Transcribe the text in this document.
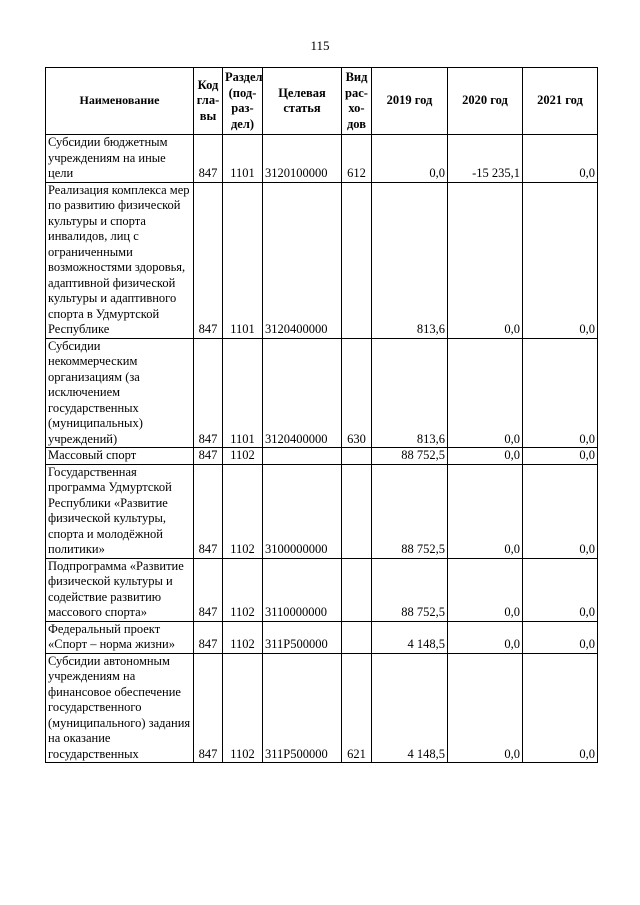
115
Наименование	Код гла-вы	Раздел (под-раз-дел)	Целевая статья	Вид рас-хо-дов	2019 год	2020 год	2021 год
Субсидии бюджетным учреждениям на иные цели	847	1101	3120100000	612	0,0	-15 235,1	0,0
Реализация комплекса мер по развитию физической культуры и спорта инвалидов, лиц с ограниченными возможностями здоровья, адаптивной физической культуры и адаптивного спорта в Удмуртской Республике	847	1101	3120400000		813,6	0,0	0,0
Субсидии некоммерческим организациям (за исключением государственных (муниципальных) учреждений)	847	1101	3120400000	630	813,6	0,0	0,0
Массовый спорт	847	1102			88 752,5	0,0	0,0
Государственная программа Удмуртской Республики «Развитие физической культуры, спорта и молодёжной политики»	847	1102	3100000000		88 752,5	0,0	0,0
Подпрограмма «Развитие физической культуры и содействие развитию массового спорта»	847	1102	3110000000		88 752,5	0,0	0,0
Федеральный проект «Спорт – норма жизни»	847	1102	311P500000		4 148,5	0,0	0,0
Субсидии автономным учреждениям на финансовое обеспечение государственного (муниципального) задания на оказание государственных	847	1102	311P500000	621	4 148,5	0,0	0,0
